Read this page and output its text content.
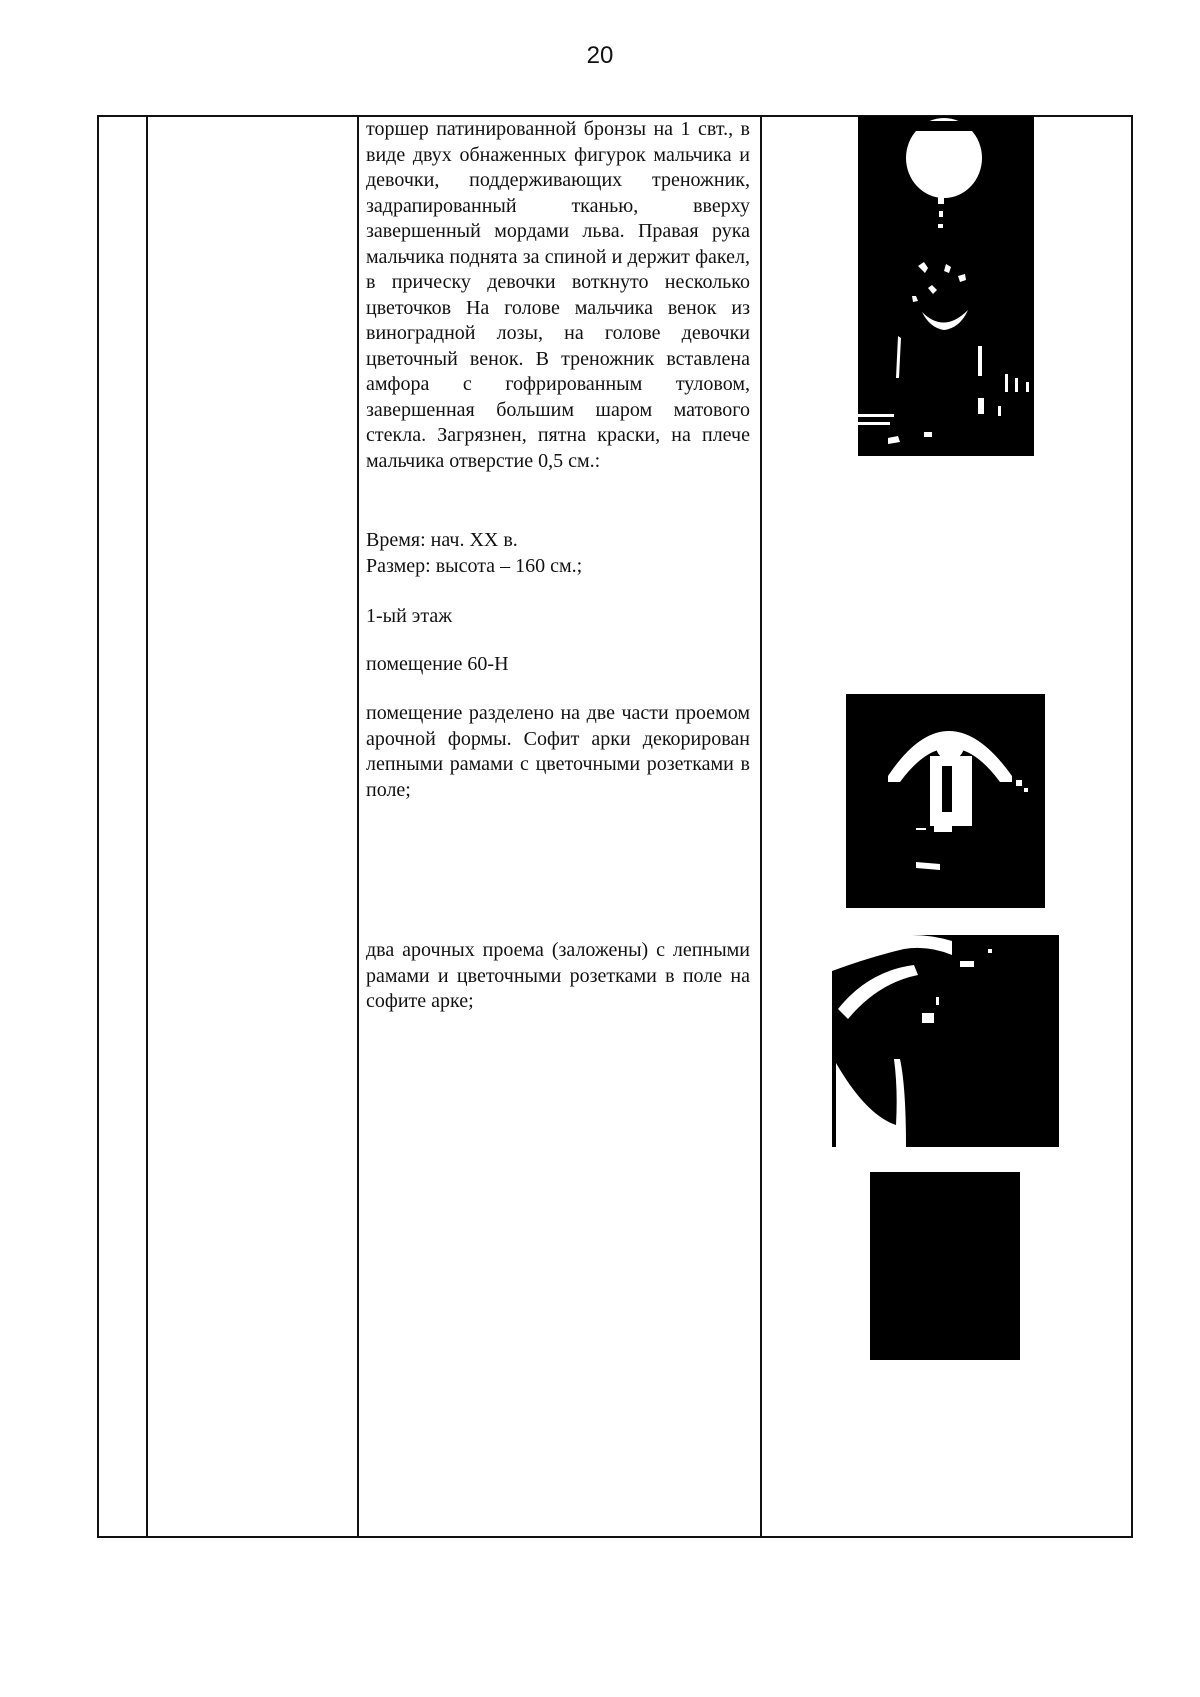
20
торшер патинированной бронзы на 1 свт., в виде двух обнаженных фигурок мальчика и девочки, поддерживающих треножник, задрапированный тканью, вверху завершенный мордами льва. Правая рука мальчика поднята за спиной и держит факел, в прическу девочки воткнуто несколько цветочков На голове мальчика венок из виноградной лозы, на голове девочки цветочный венок. В треножник вставлена амфора с гофрированным туловом, завершенная большим шаром матового стекла. Загрязнен, пятна краски, на плече мальчика отверстие 0,5 см.:
Время: нач. XX в.
Размер: высота – 160 см.;
1-ый этаж
помещение 60-Н
помещение разделено на две части проемом арочной формы. Софит арки декорирован лепными рамами с цветочными розетками в поле;
два арочных проема (заложены) с лепными рамами и цветочными розетками в поле на софите арке;
